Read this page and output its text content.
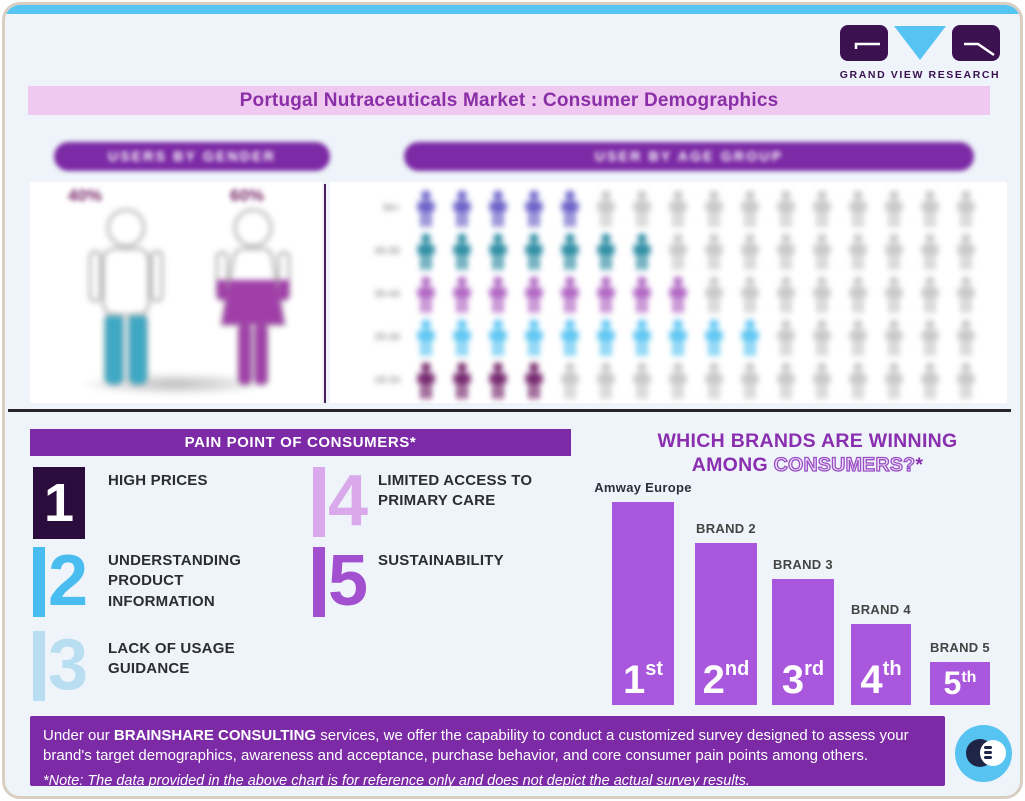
GRAND VIEW RESEARCH
Portugal Nutraceuticals Market : Consumer Demographics
USERS BY GENDER	USER BY AGE GROUP
40%	60%
50+
45-55
35-44
25-34
18-24
PAIN POINT OF CONSUMERS*
1	HIGH PRICES
2 UNDERSTANDING PRODUCT INFORMATION
3 LACK OF USAGE GUIDANCE
4 LIMITED ACCESS TO PRIMARY CARE
5 SUSTAINABILITY
WHICH BRANDS ARE WINNING
AMONG CONSUMERS?*
1st
Amway Europe
2nd
BRAND 2
3rd
BRAND 3
4th
BRAND 4
5th
BRAND 5
Under our BRAINSHARE CONSULTING services, we offer the capability to conduct a customized survey designed to assess your brand's target demographics, awareness and acceptance, purchase behavior, and core consumer pain points among others.
*Note: The data provided in the above chart is for reference only and does not depict the actual survey results.
